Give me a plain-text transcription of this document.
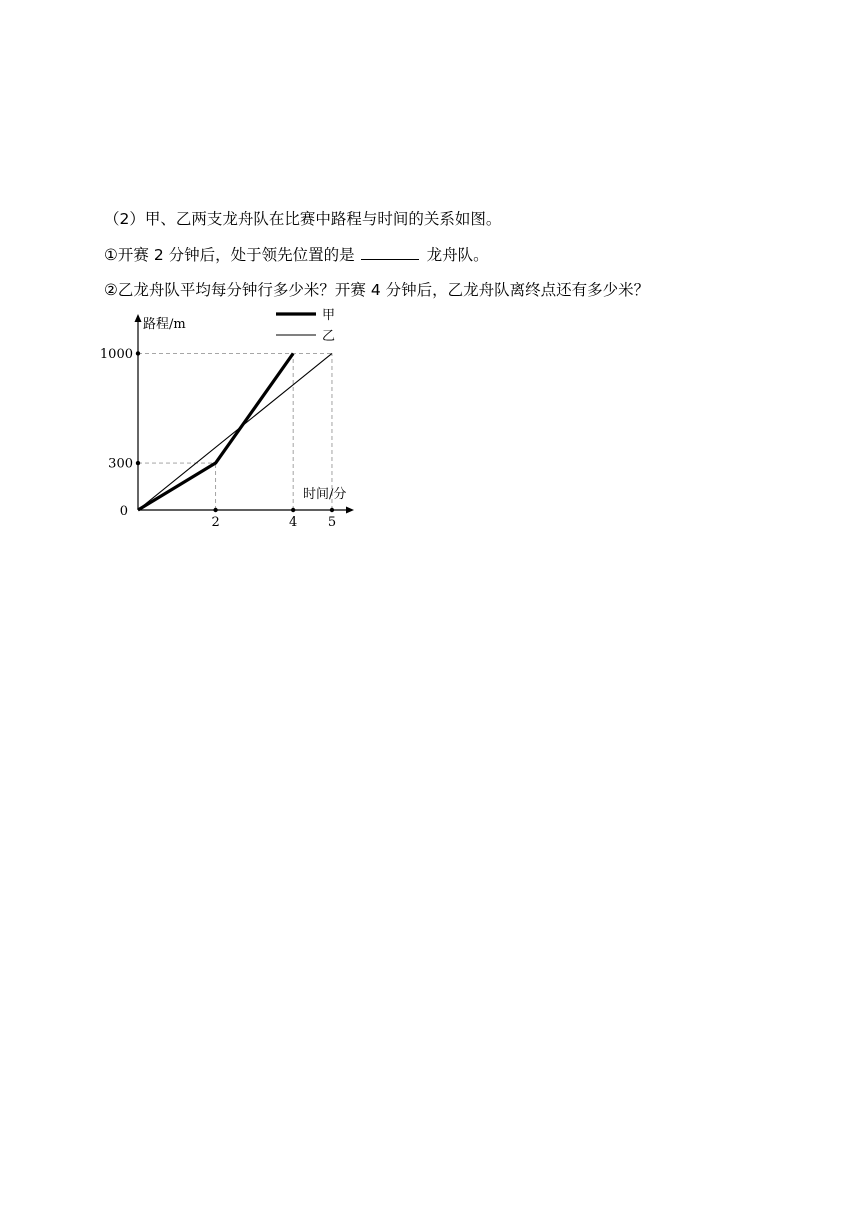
（2）甲、乙两支龙舟队在比赛中路程与时间的关系如图。
①开赛 2 分钟后，处于领先位置的是	龙舟队。
②乙龙舟队平均每分钟行多少米？开赛 4 分钟后，乙龙舟队离终点还有多少米？
2	4 5
300
1000
路程/m
时间/分
0
甲
乙
